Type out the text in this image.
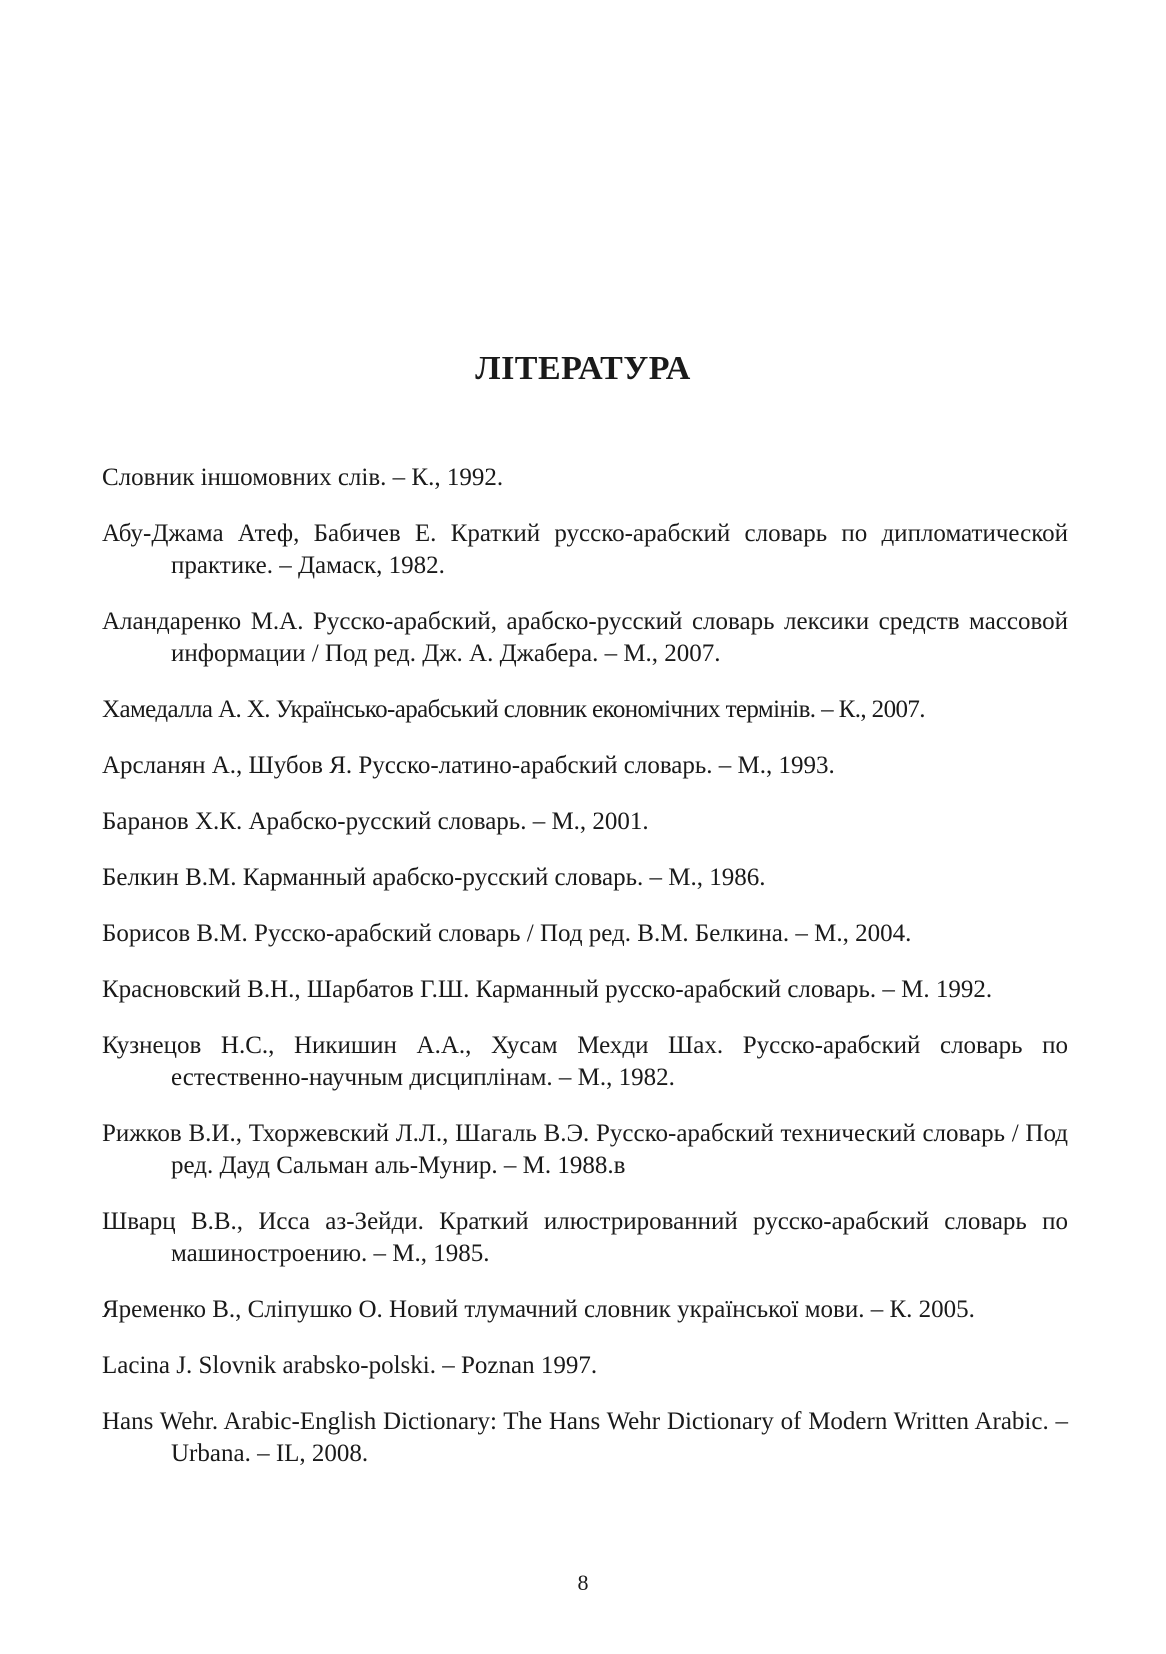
ЛІТЕРАТУРА
Словник іншомовних слів. – К., 1992.
Абу-Джама Атеф, Бабичев Е. Краткий русско-арабский словарь по дипломатической практике. – Дамаск, 1982.
Аландаренко М.А. Русско-арабский, арабско-русский словарь лексики средств массовой информации / Под ред. Дж. А. Джабера. – М., 2007.
Хамедалла А. Х. Українсько-арабський словник економічних термінів. – К., 2007.
Арсланян А., Шубов Я. Русско-латино-арабский словарь. – М., 1993.
Баранов Х.К. Арабско-русский словарь. – М., 2001.
Белкин В.М. Карманный арабско-русский словарь. – М., 1986.
Борисов В.М. Русско-арабский словарь / Под ред. В.М. Белкина. – М., 2004.
Красновский В.Н., Шарбатов Г.Ш. Карманный русско-арабский словарь. – М. 1992.
Кузнецов Н.С., Никишин А.А., Хусам Мехди Шах. Русско-арабский словарь по естественно-научным дисциплінам. – М., 1982.
Рижков В.И., Тхоржевский Л.Л., Шагаль В.Э. Русско-арабский технический словарь / Под ред. Дауд Сальман аль-Мунир. – М. 1988.в
Шварц В.В., Исса аз-Зейди. Краткий илюстрированний русско-арабский словарь по машиностроению. – М., 1985.
Яременко В., Сліпушко О. Новий тлумачний словник української мови. – К. 2005.
Lacina J. Slovnik arabsko-polski. – Poznan 1997.
Hans Wehr. Arabic-English Dictionary: The Hans Wehr Dictionary of Modern Written Arabic. – Urbana. – IL, 2008.
8
